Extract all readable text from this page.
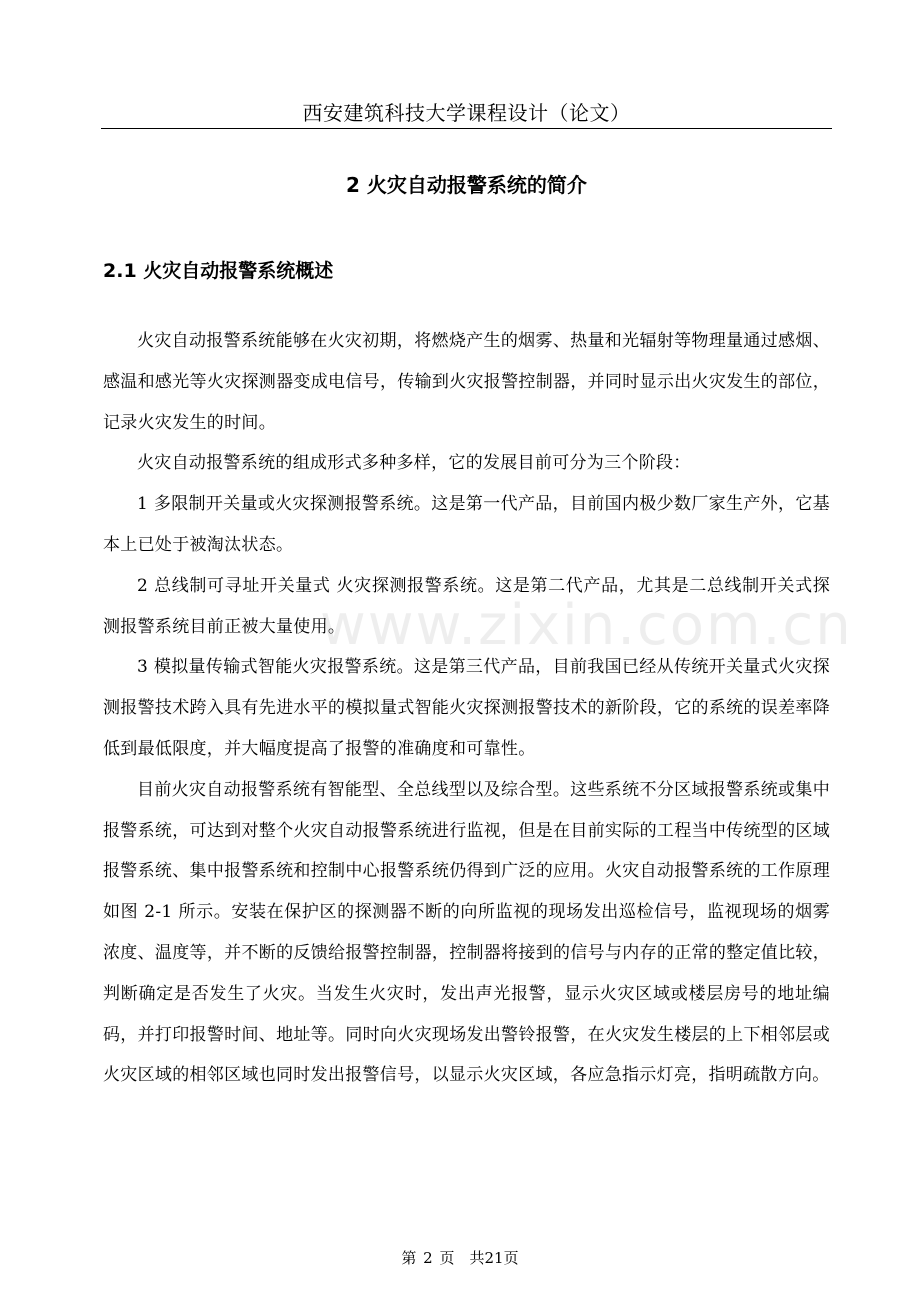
西安建筑科技大学课程设计（论文）
2 火灾自动报警系统的简介
2.1 火灾自动报警系统概述

火灾自动报警系统能够在火灾初期，将燃烧产生的烟雾、热量和光辐射等物理量通过感烟、感温和感光等火灾探测器变成电信号，传输到火灾报警控制器，并同时显示出火灾发生的部位，记录火灾发生的时间。

火灾自动报警系统的组成形式多种多样，它的发展目前可分为三个阶段：

1 多限制开关量或火灾探测报警系统。这是第一代产品，目前国内极少数厂家生产外，它基本上已处于被淘汰状态。

2 总线制可寻址开关量式 火灾探测报警系统。这是第二代产品，尤其是二总线制开关式探测报警系统目前正被大量使用。

3 模拟量传输式智能火灾报警系统。这是第三代产品，目前我国已经从传统开关量式火灾探测报警技术跨入具有先进水平的模拟量式智能火灾探测报警技术的新阶段，它的系统的误差率降低到最低限度，并大幅度提高了报警的准确度和可靠性。

目前火灾自动报警系统有智能型、全总线型以及综合型。这些系统不分区域报警系统或集中报警系统，可达到对整个火灾自动报警系统进行监视，但是在目前实际的工程当中传统型的区域报警系统、集中报警系统和控制中心报警系统仍得到广泛的应用。火灾自动报警系统的工作原理如图 2-1 所示。安装在保护区的探测器不断的向所监视的现场发出巡检信号，监视现场的烟雾浓度、温度等，并不断的反馈给报警控制器，控制器将接到的信号与内存的正常的整定值比较，判断确定是否发生了火灾。当发生火灾时，发出声光报警，显示火灾区域或楼层房号的地址编码，并打印报警时间、地址等。同时向火灾现场发出警铃报警，在火灾发生楼层的上下相邻层或火灾区域的相邻区域也同时发出报警信号，以显示火灾区域，各应急指示灯亮，指明疏散方向。

www.zixin.com.cn
第 2 页　共21页
